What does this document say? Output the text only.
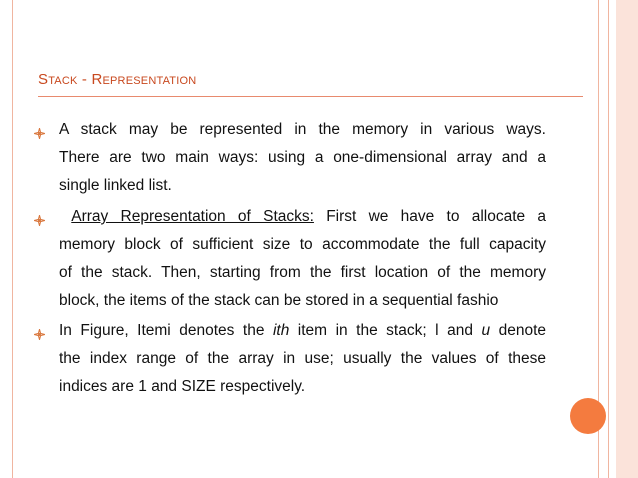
Stack - Representation
A stack may be represented in the memory in various ways.
There are two main ways: using a one-dimensional array and a
single linked list.
Array Representation of Stacks: First we have to allocate a
memory block of sufficient size to accommodate the full capacity
of the stack. Then, starting from the first location of the memory
block, the items of the stack can be stored in a sequential fashio
In Figure, Itemi denotes the ith item in the stack; l and u denote
the index range of the array in use; usually the values of these
indices are 1 and SIZE respectively.
